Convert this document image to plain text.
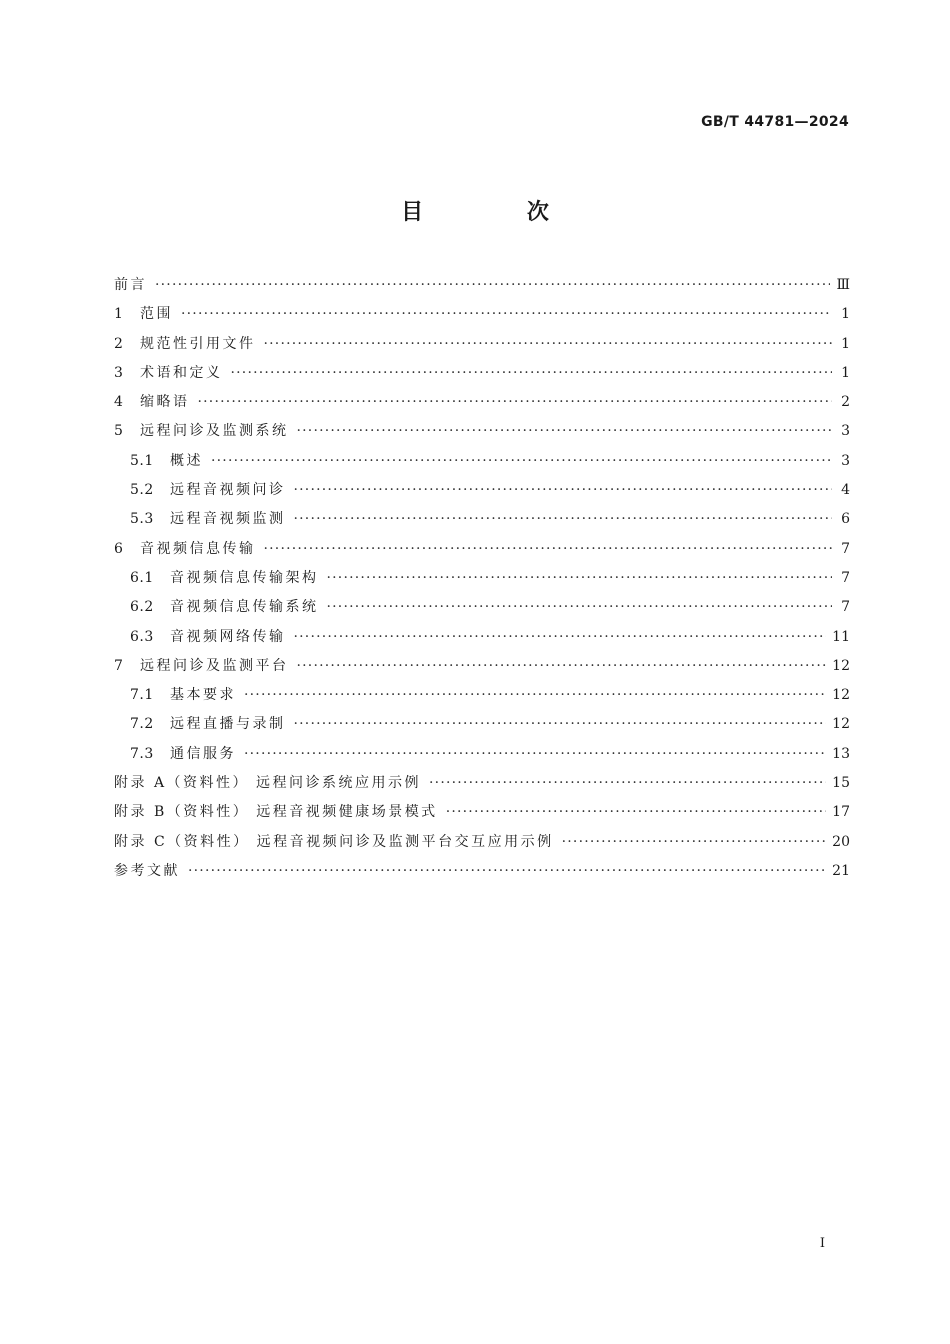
GB/T 44781—2024
目 次
前言 ·····	Ⅲ
1	范围 ·····	1
2	规范性引用文件 ·····	1
3	术语和定义 ·····	1
4	缩略语 ·····	2
5	远程问诊及监测系统 ·····	3
5.1	概述 ·····	3
5.2	远程音视频问诊 ·····	4
5.3	远程音视频监测 ·····	6
6	音视频信息传输 ·····	7
6.1	音视频信息传输架构 ·····	7
6.2	音视频信息传输系统 ·····	7
6.3	音视频网络传输 ·····	11
7	远程问诊及监测平台 ·····	12
7.1	基本要求 ·····	12
7.2	远程直播与录制 ·····	12
7.3	通信服务 ·····	13
附录 A（资料性） 远程问诊系统应用示例 ·····	15
附录 B（资料性） 远程音视频健康场景模式 ·····	17
附录 C（资料性） 远程音视频问诊及监测平台交互应用示例 ·····	20
参考文献 ·····	21
I
